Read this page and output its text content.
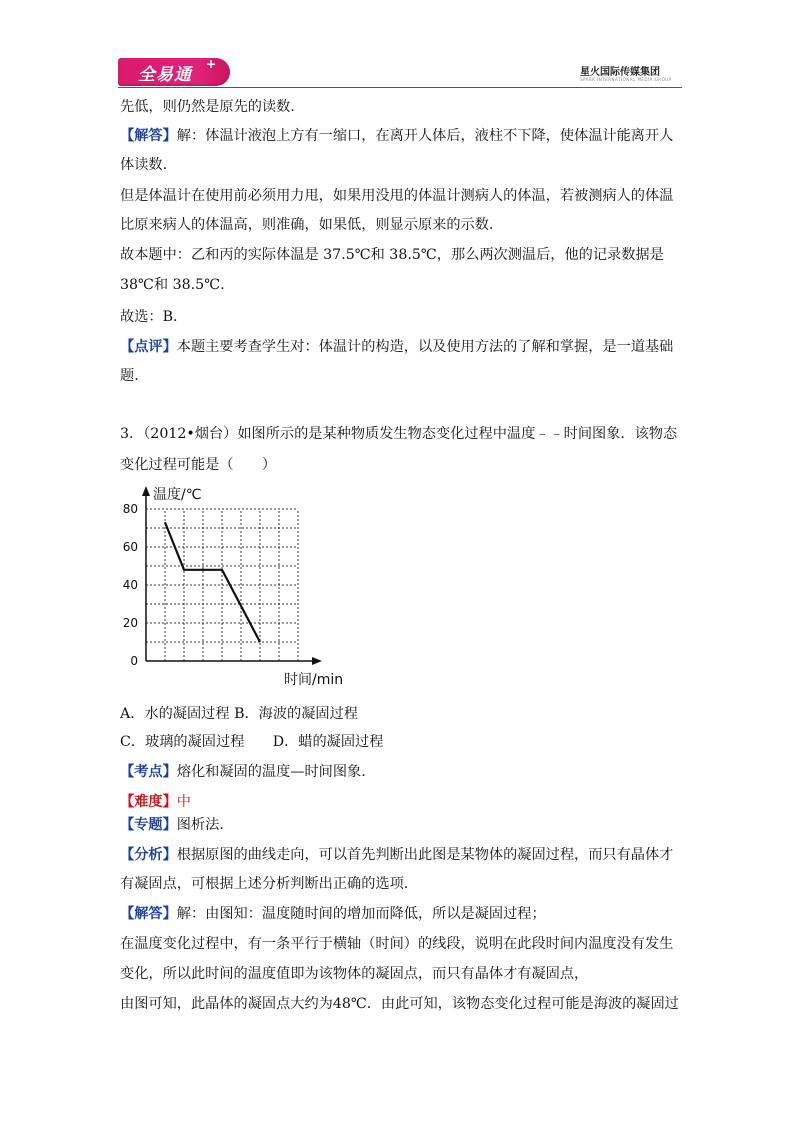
全易通
+
星火国际传媒集团
SPARK INTERNATIONAL MEDIA GROUP
先低，则仍然是原先的读数.
【解答】解：体温计液泡上方有一缩口，在离开人体后，液柱不下降，使体温计能离开人
体读数.
但是体温计在使用前必须用力甩，如果用没甩的体温计测病人的体温，若被测病人的体温
比原来病人的体温高，则准确，如果低，则显示原来的示数.
故本题中：乙和丙的实际体温是 37.5℃和 38.5℃，那么两次测温后，他的记录数据是
38℃和 38.5℃.
故选：B.
【点评】本题主要考查学生对：体温计的构造，以及使用方法的了解和掌握，是一道基础
题.
3．（2012•烟台）如图所示的是某种物质发生物态变化过程中温度﹣﹣时间图象．该物态
变化过程可能是（　　）
A．水的凝固过程 B．海波的凝固过程
C．玻璃的凝固过程　　D．蜡的凝固过程
【考点】熔化和凝固的温度—时间图象.
【难度】中
【专题】图析法.
【分析】根据原图的曲线走向，可以首先判断出此图是某物体的凝固过程，而只有晶体才
有凝固点，可根据上述分析判断出正确的选项.
【解答】解：由图知：温度随时间的增加而降低，所以是凝固过程；
在温度变化过程中，有一条平行于横轴（时间）的线段，说明在此段时间内温度没有发生
变化，所以此时间的温度值即为该物体的凝固点，而只有晶体才有凝固点，
由图可知，此晶体的凝固点大约为48℃．由此可知，该物态变化过程可能是海波的凝固过
0
20
40
60
80
温度/℃
时间/min
